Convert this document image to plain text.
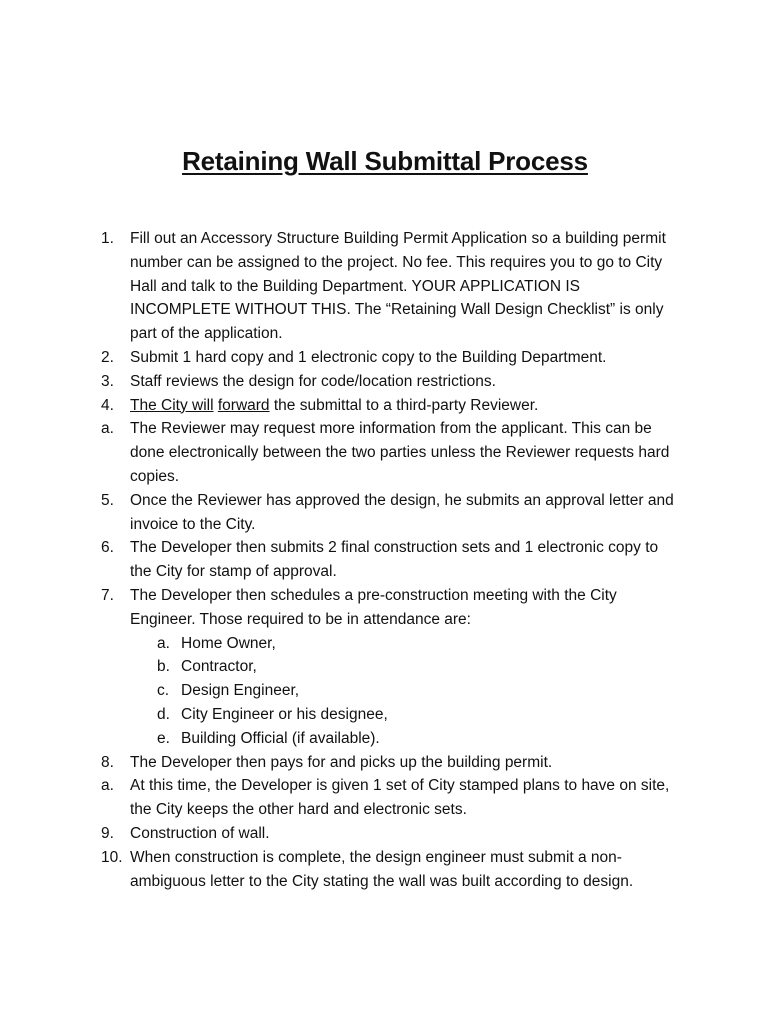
Retaining Wall Submittal Process
1. Fill out an Accessory Structure Building Permit Application so a building permit number can be assigned to the project. No fee. This requires you to go to City Hall and talk to the Building Department. YOUR APPLICATION IS INCOMPLETE WITHOUT THIS. The “Retaining Wall Design Checklist” is only part of the application.
2. Submit 1 hard copy and 1 electronic copy to the Building Department.
3. Staff reviews the design for code/location restrictions.
4. The City will forward the submittal to a third-party Reviewer.
a. The Reviewer may request more information from the applicant. This can be done electronically between the two parties unless the Reviewer requests hard copies.
5. Once the Reviewer has approved the design, he submits an approval letter and invoice to the City.
6. The Developer then submits 2 final construction sets and 1 electronic copy to the City for stamp of approval.
7. The Developer then schedules a pre-construction meeting with the City Engineer. Those required to be in attendance are:
a. Home Owner,
b. Contractor,
c. Design Engineer,
d. City Engineer or his designee,
e. Building Official (if available).
8. The Developer then pays for and picks up the building permit.
a. At this time, the Developer is given 1 set of City stamped plans to have on site, the City keeps the other hard and electronic sets.
9. Construction of wall.
10. When construction is complete, the design engineer must submit a non-ambiguous letter to the City stating the wall was built according to design.
